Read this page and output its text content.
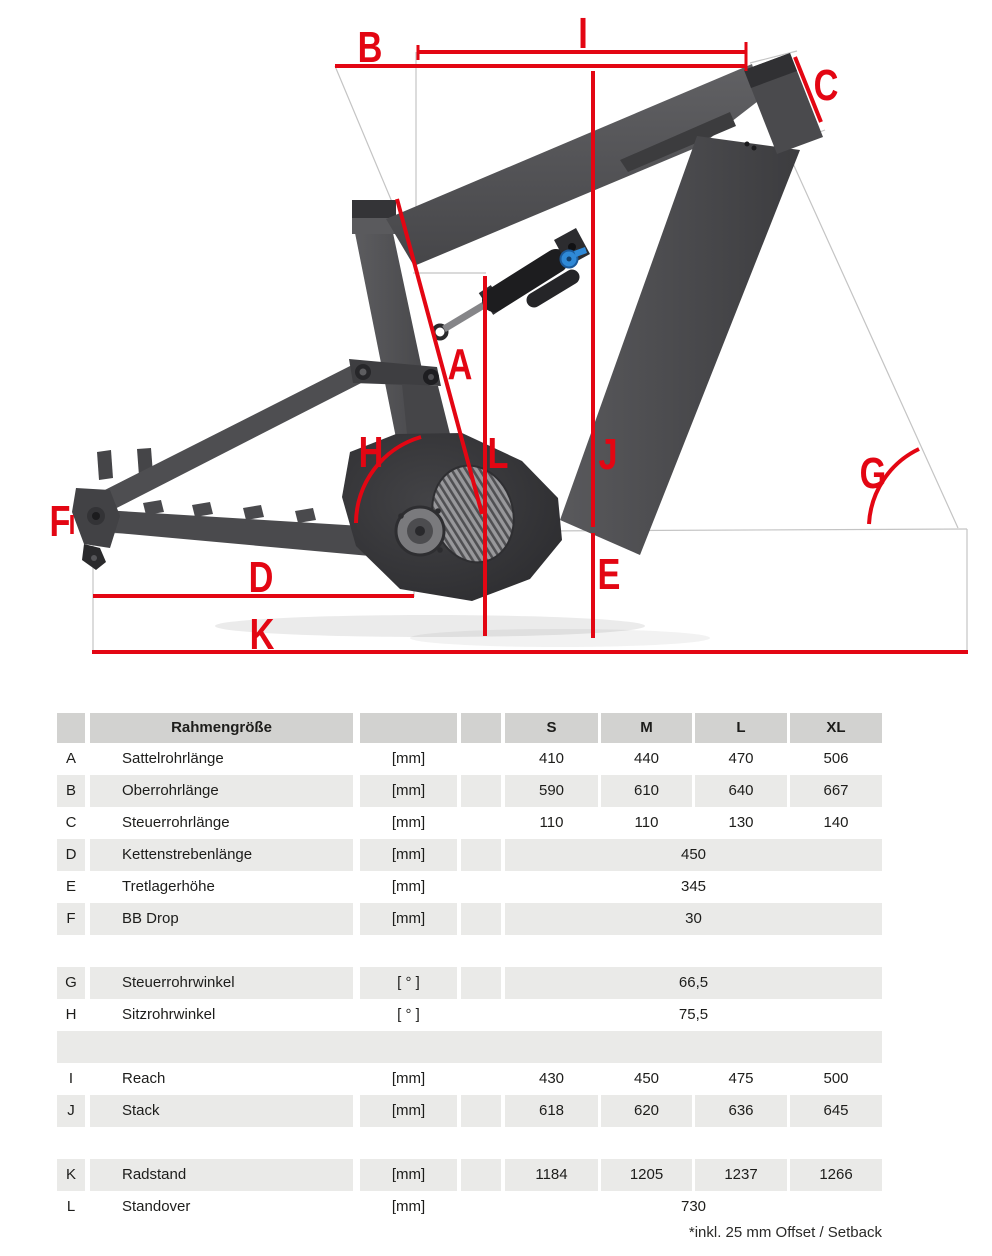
B	I
C
A
L J
E
H	G
D
K
F
Rahmengröße	S	M	L	XL
A	Sattelrohrlänge	[mm]	410	440	470	506
B	Oberrohrlänge	[mm]	590	610	640	667
C	Steuerrohrlänge	[mm]	110	110	130	140
D	Kettenstrebenlänge	[mm]	450
E	Tretlagerhöhe	[mm]	345
F	BB Drop	[mm]	30
G	Steuerrohrwinkel	[ ° ]	66,5
H	Sitzrohrwinkel	[ ° ]	75,5
I	Reach	[mm]	430	450	475	500
J	Stack	[mm]	618	620	636	645
K	Radstand	[mm]	1184	1205	1237	1266
L	Standover	[mm]	730
*inkl. 25 mm Offset / Setback
